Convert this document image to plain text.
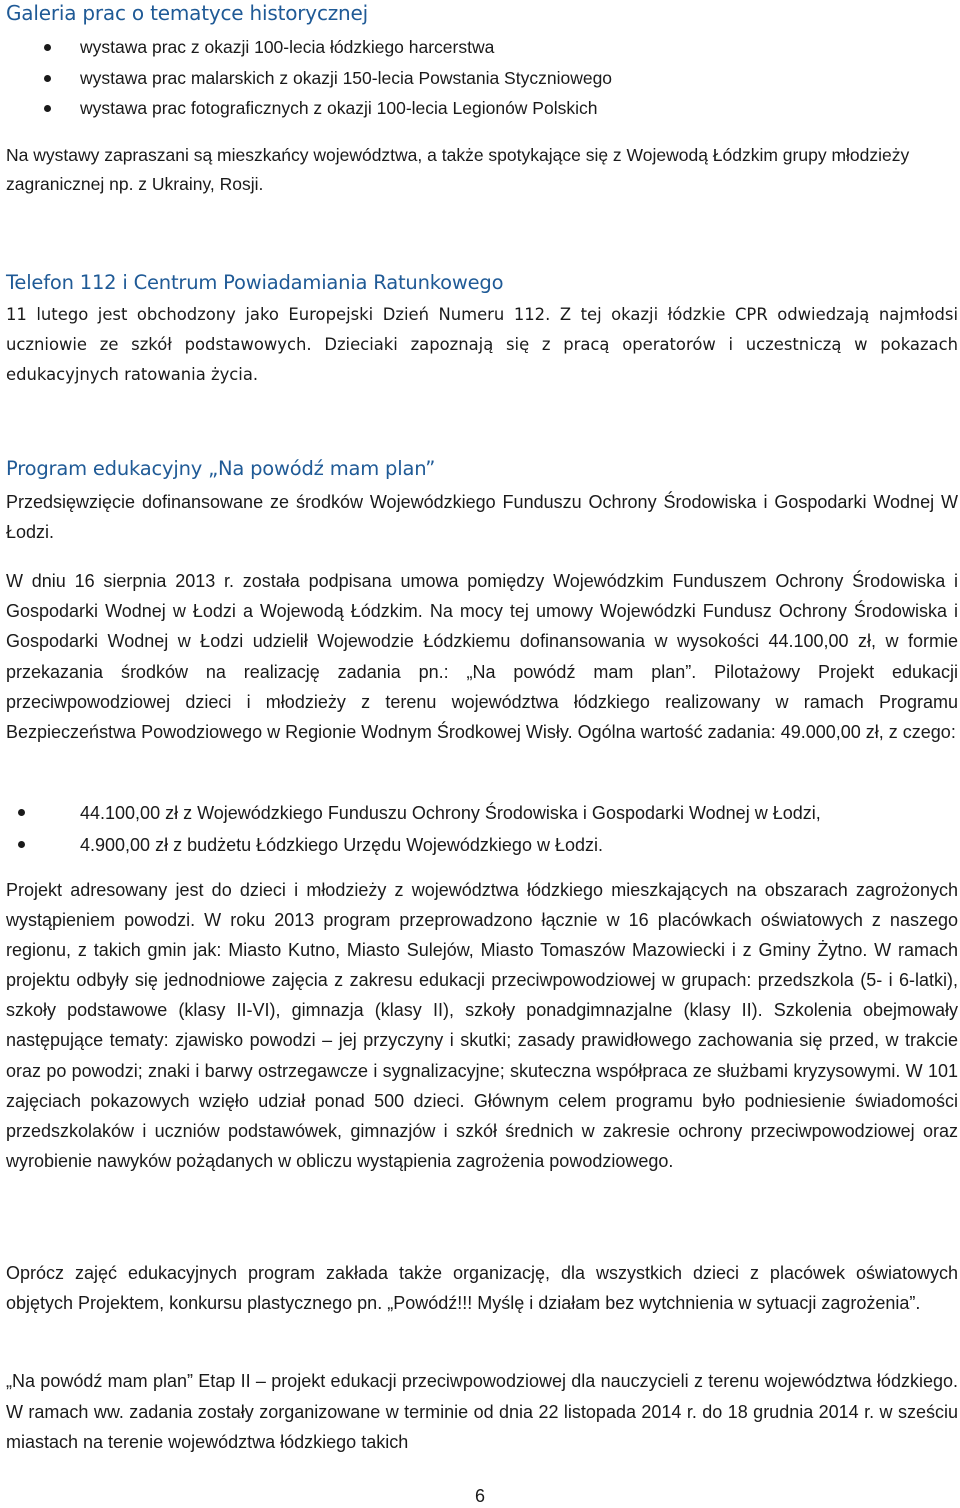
Galeria prac o tematyce historycznej
wystawa prac z okazji 100-lecia łódzkiego harcerstwa
wystawa prac malarskich z okazji 150-lecia Powstania Styczniowego
wystawa prac fotograficznych z okazji 100-lecia Legionów Polskich

Na wystawy zapraszani są mieszkańcy województwa, a także spotykające się z Wojewodą Łódzkim grupy młodzieży zagranicznej np. z Ukrainy, Rosji.

Telefon 112 i Centrum Powiadamiania Ratunkowego

11 lutego jest obchodzony jako Europejski Dzień Numeru 112. Z tej okazji łódzkie CPR odwiedzają najmłodsi uczniowie ze szkół podstawowych. Dzieciaki zapoznają się z pracą operatorów i uczestniczą w pokazach edukacyjnych ratowania życia.

Program edukacyjny „Na powódź mam plan”

Przedsięwzięcie dofinansowane ze środków Wojewódzkiego Funduszu Ochrony Środowiska i Gospodarki Wodnej W Łodzi.

W dniu 16 sierpnia 2013 r. została podpisana umowa pomiędzy Wojewódzkim Funduszem Ochrony Środowiska i Gospodarki Wodnej w Łodzi a Wojewodą Łódzkim. Na mocy tej umowy Wojewódzki Fundusz Ochrony Środowiska i Gospodarki Wodnej w Łodzi udzielił Wojewodzie Łódzkiemu dofinansowania w wysokości 44.100,00 zł, w formie przekazania środków na realizację zadania pn.: „Na powódź mam plan”. Pilotażowy Projekt edukacji przeciwpowodziowej dzieci i młodzieży z terenu województwa łódzkiego realizowany w ramach Programu Bezpieczeństwa Powodziowego w Regionie Wodnym Środkowej Wisły. Ogólna wartość zadania: 49.000,00 zł, z czego:

44.100,00 zł z Wojewódzkiego Funduszu Ochrony Środowiska i Gospodarki Wodnej w Łodzi,
4.900,00 zł z budżetu Łódzkiego Urzędu Wojewódzkiego w Łodzi.

Projekt adresowany jest do dzieci i młodzieży z województwa łódzkiego mieszkających na obszarach zagrożonych wystąpieniem powodzi. W roku 2013 program przeprowadzono łącznie w 16 placówkach oświatowych z naszego regionu, z takich gmin jak: Miasto Kutno, Miasto Sulejów, Miasto Tomaszów Mazowiecki i z Gminy Żytno. W ramach projektu odbyły się jednodniowe zajęcia z zakresu edukacji przeciwpowodziowej w grupach: przedszkola (5- i 6-latki), szkoły podstawowe (klasy II-VI), gimnazja (klasy II), szkoły ponadgimnazjalne (klasy II). Szkolenia obejmowały następujące tematy: zjawisko powodzi – jej przyczyny i skutki; zasady prawidłowego zachowania się przed, w trakcie oraz po powodzi; znaki i barwy ostrzegawcze i sygnalizacyjne; skuteczna współpraca ze służbami kryzysowymi. W 101 zajęciach pokazowych wzięło udział ponad 500 dzieci. Głównym celem programu było podniesienie świadomości przedszkolaków i uczniów podstawówek, gimnazjów i szkół średnich w zakresie ochrony przeciwpowodziowej oraz wyrobienie nawyków pożądanych w obliczu wystąpienia zagrożenia powodziowego.

Oprócz zajęć edukacyjnych program zakłada także organizację, dla wszystkich dzieci z placówek oświatowych objętych Projektem, konkursu plastycznego pn. „Powódź!!! Myślę i działam bez wytchnienia w sytuacji zagrożenia”.

„Na powódź mam plan” Etap II – projekt edukacji przeciwpowodziowej dla nauczycieli z terenu województwa łódzkiego. W ramach ww. zadania zostały zorganizowane w terminie od dnia 22 listopada 2014 r. do 18 grudnia 2014 r. w sześciu miastach na terenie województwa łódzkiego takich

6
